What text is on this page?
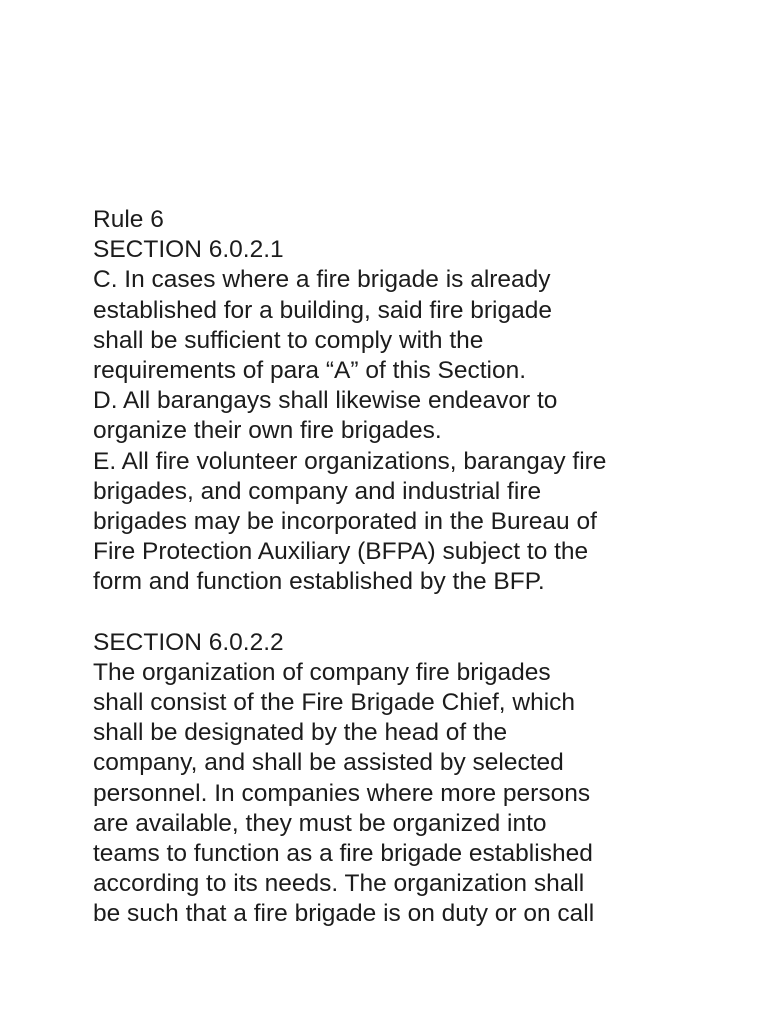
Rule 6
SECTION 6.0.2.1
C. In cases where a fire brigade is already
established for a building, said fire brigade
shall be sufficient to comply with the
requirements of para “A” of this Section.
D. All barangays shall likewise endeavor to
organize their own fire brigades.
E. All fire volunteer organizations, barangay fire
brigades, and company and industrial fire
brigades may be incorporated in the Bureau of
Fire Protection Auxiliary (BFPA) subject to the
form and function established by the BFP.
SECTION 6.0.2.2
The organization of company fire brigades
shall consist of the Fire Brigade Chief, which
shall be designated by the head of the
company, and shall be assisted by selected
personnel. In companies where more persons
are available, they must be organized into
teams to function as a fire brigade established
according to its needs. The organization shall
be such that a fire brigade is on duty or on call
